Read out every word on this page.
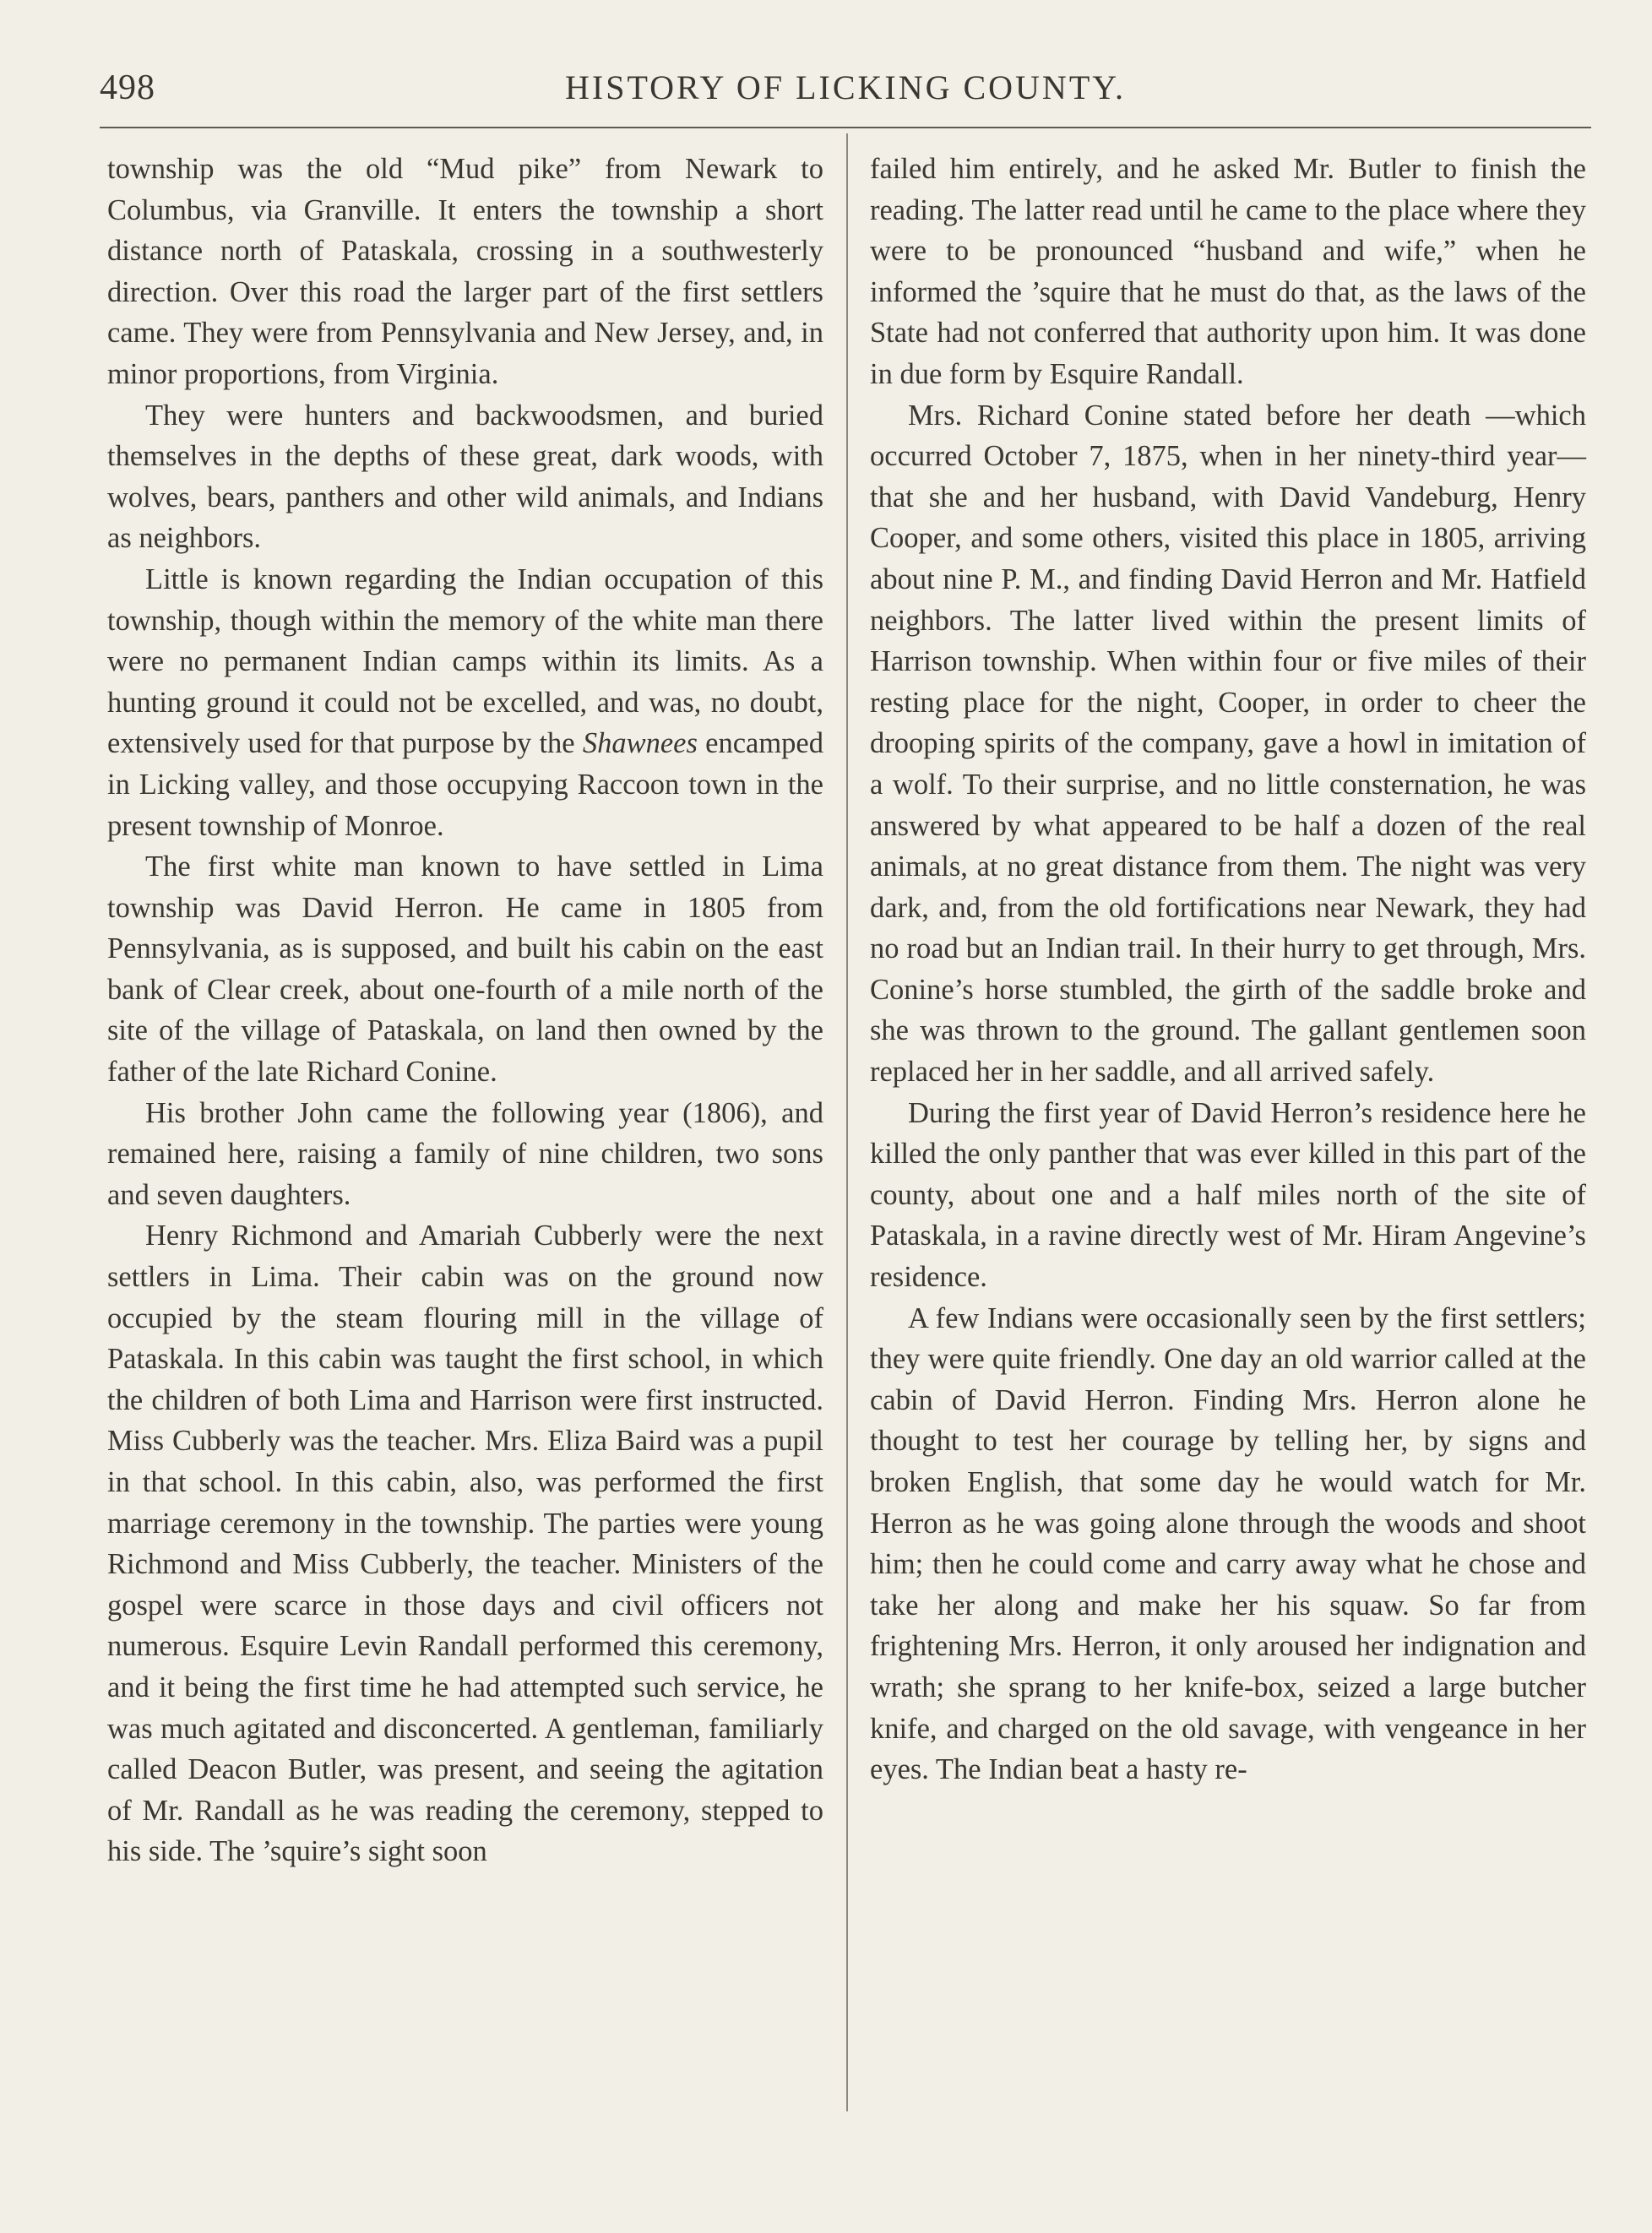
498	HISTORY OF LICKING COUNTY.

township was the old “Mud pike” from Newark to Columbus, via Granville. It enters the township a short distance north of Pataskala, crossing in a southwesterly direction. Over this road the larger part of the first settlers came. They were from Pennsylvania and New Jersey, and, in minor proportions, from Virginia.

They were hunters and backwoodsmen, and buried themselves in the depths of these great, dark woods, with wolves, bears, panthers and other wild animals, and Indians as neighbors.

Little is known regarding the Indian occupation of this township, though within the memory of the white man there were no permanent Indian camps within its limits. As a hunting ground it could not be excelled, and was, no doubt, extensively used for that purpose by the Shawnees encamped in Licking valley, and those occupying Raccoon town in the present township of Monroe.

The first white man known to have settled in Lima township was David Herron. He came in 1805 from Pennsylvania, as is supposed, and built his cabin on the east bank of Clear creek, about one-fourth of a mile north of the site of the village of Pataskala, on land then owned by the father of the late Richard Conine.

His brother John came the following year (1806), and remained here, raising a family of nine children, two sons and seven daughters.

Henry Richmond and Amariah Cubberly were the next settlers in Lima. Their cabin was on the ground now occupied by the steam flouring mill in the village of Pataskala. In this cabin was taught the first school, in which the children of both Lima and Harrison were first instructed. Miss Cubberly was the teacher. Mrs. Eliza Baird was a pupil in that school. In this cabin, also, was performed the first marriage ceremony in the township. The parties were young Richmond and Miss Cubberly, the teacher. Ministers of the gospel were scarce in those days and civil officers not numerous. Esquire Levin Randall performed this ceremony, and it being the first time he had attempted such service, he was much agitated and disconcerted. A gentleman, familiarly called Deacon Butler, was present, and seeing the agitation of Mr. Randall as he was reading the ceremony, stepped to his side. The ’squire’s sight soon

failed him entirely, and he asked Mr. Butler to finish the reading. The latter read until he came to the place where they were to be pronounced “husband and wife,” when he informed the ’squire that he must do that, as the laws of the State had not conferred that authority upon him. It was done in due form by Esquire Randall.

Mrs. Richard Conine stated before her death —which occurred October 7, 1875, when in her ninety-third year—that she and her husband, with David Vandeburg, Henry Cooper, and some others, visited this place in 1805, arriving about nine P. M., and finding David Herron and Mr. Hatfield neighbors. The latter lived within the present limits of Harrison township. When within four or five miles of their resting place for the night, Cooper, in order to cheer the drooping spirits of the company, gave a howl in imitation of a wolf. To their surprise, and no little consternation, he was answered by what appeared to be half a dozen of the real animals, at no great distance from them. The night was very dark, and, from the old fortifications near Newark, they had no road but an Indian trail. In their hurry to get through, Mrs. Conine’s horse stumbled, the girth of the saddle broke and she was thrown to the ground. The gallant gentlemen soon replaced her in her saddle, and all arrived safely.

During the first year of David Herron’s residence here he killed the only panther that was ever killed in this part of the county, about one and a half miles north of the site of Pataskala, in a ravine directly west of Mr. Hiram Angevine’s residence.

A few Indians were occasionally seen by the first settlers; they were quite friendly. One day an old warrior called at the cabin of David Herron. Finding Mrs. Herron alone he thought to test her courage by telling her, by signs and broken English, that some day he would watch for Mr. Herron as he was going alone through the woods and shoot him; then he could come and carry away what he chose and take her along and make her his squaw. So far from frightening Mrs. Herron, it only aroused her indignation and wrath; she sprang to her knife-box, seized a large butcher knife, and charged on the old savage, with vengeance in her eyes. The Indian beat a hasty re-
